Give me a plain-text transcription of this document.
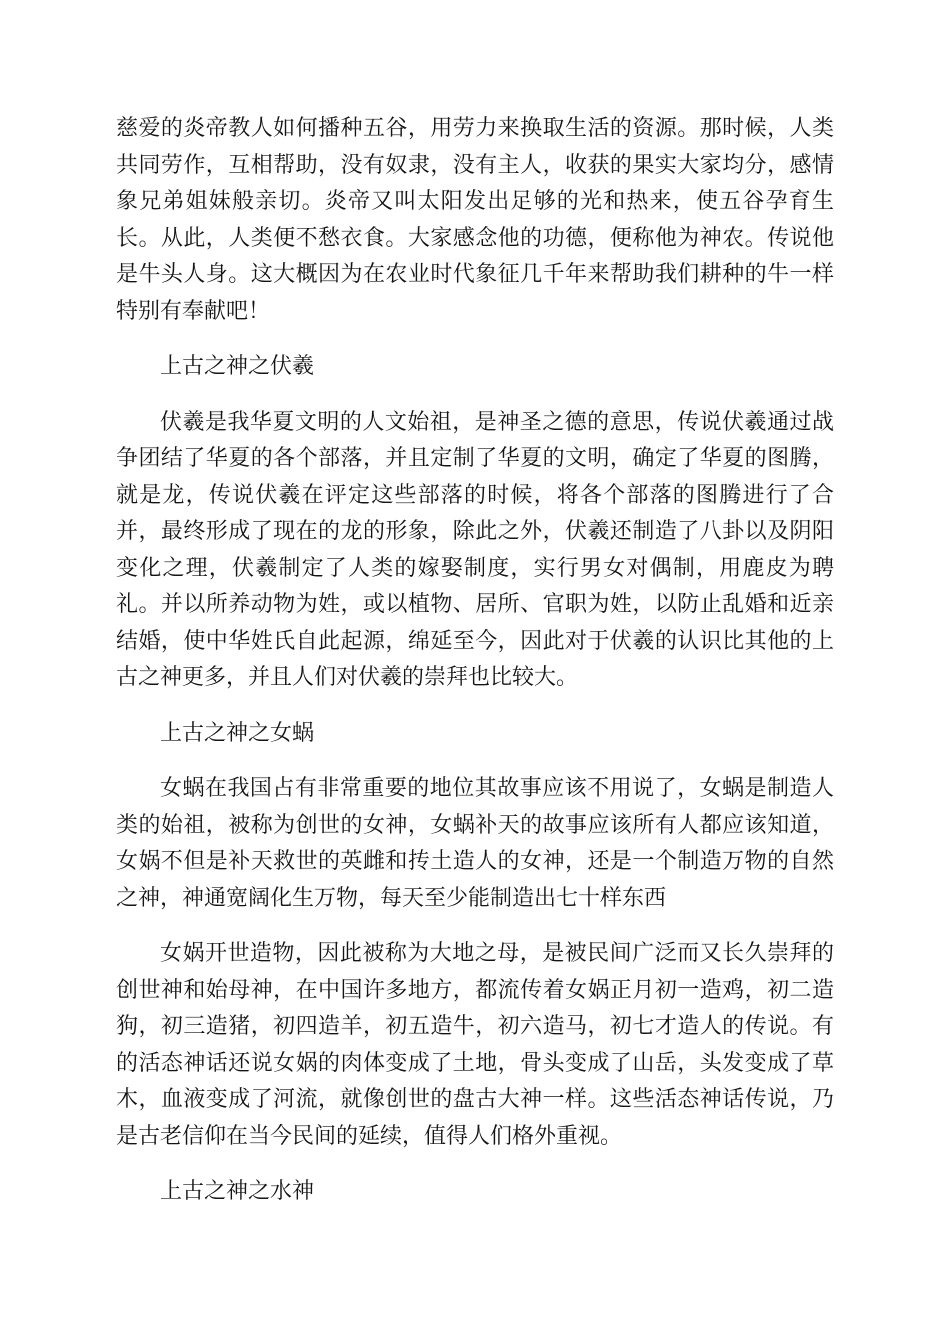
慈爱的炎帝教人如何播种五谷，用劳力来换取生活的资源。那时候，人类共同劳作，互相帮助，没有奴隶，没有主人，收获的果实大家均分，感情象兄弟姐妹般亲切。炎帝又叫太阳发出足够的光和热来，使五谷孕育生长。从此，人类便不愁衣食。大家感念他的功德，便称他为神农。传说他是牛头人身。这大概因为在农业时代象征几千年来帮助我们耕种的牛一样特别有奉献吧！

上古之神之伏羲

伏羲是我华夏文明的人文始祖，是神圣之德的意思，传说伏羲通过战争团结了华夏的各个部落，并且定制了华夏的文明，确定了华夏的图腾，就是龙，传说伏羲在评定这些部落的时候，将各个部落的图腾进行了合并，最终形成了现在的龙的形象，除此之外，伏羲还制造了八卦以及阴阳变化之理，伏羲制定了人类的嫁娶制度，实行男女对偶制，用鹿皮为聘礼。并以所养动物为姓，或以植物、居所、官职为姓，以防止乱婚和近亲结婚，使中华姓氏自此起源，绵延至今，因此对于伏羲的认识比其他的上古之神更多，并且人们对伏羲的崇拜也比较大。

上古之神之女蜗

女蜗在我国占有非常重要的地位其故事应该不用说了，女蜗是制造人类的始祖，被称为创世的女神，女蜗补天的故事应该所有人都应该知道，女娲不但是补天救世的英雌和抟土造人的女神，还是一个制造万物的自然之神，神通宽阔化生万物，每天至少能制造出七十样东西

女娲开世造物，因此被称为大地之母，是被民间广泛而又长久崇拜的创世神和始母神，在中国许多地方，都流传着女娲正月初一造鸡，初二造狗，初三造猪，初四造羊，初五造牛，初六造马，初七才造人的传说。有的活态神话还说女娲的肉体变成了土地，骨头变成了山岳，头发变成了草木，血液变成了河流，就像创世的盘古大神一样。这些活态神话传说，乃是古老信仰在当今民间的延续，值得人们格外重视。

上古之神之水神
